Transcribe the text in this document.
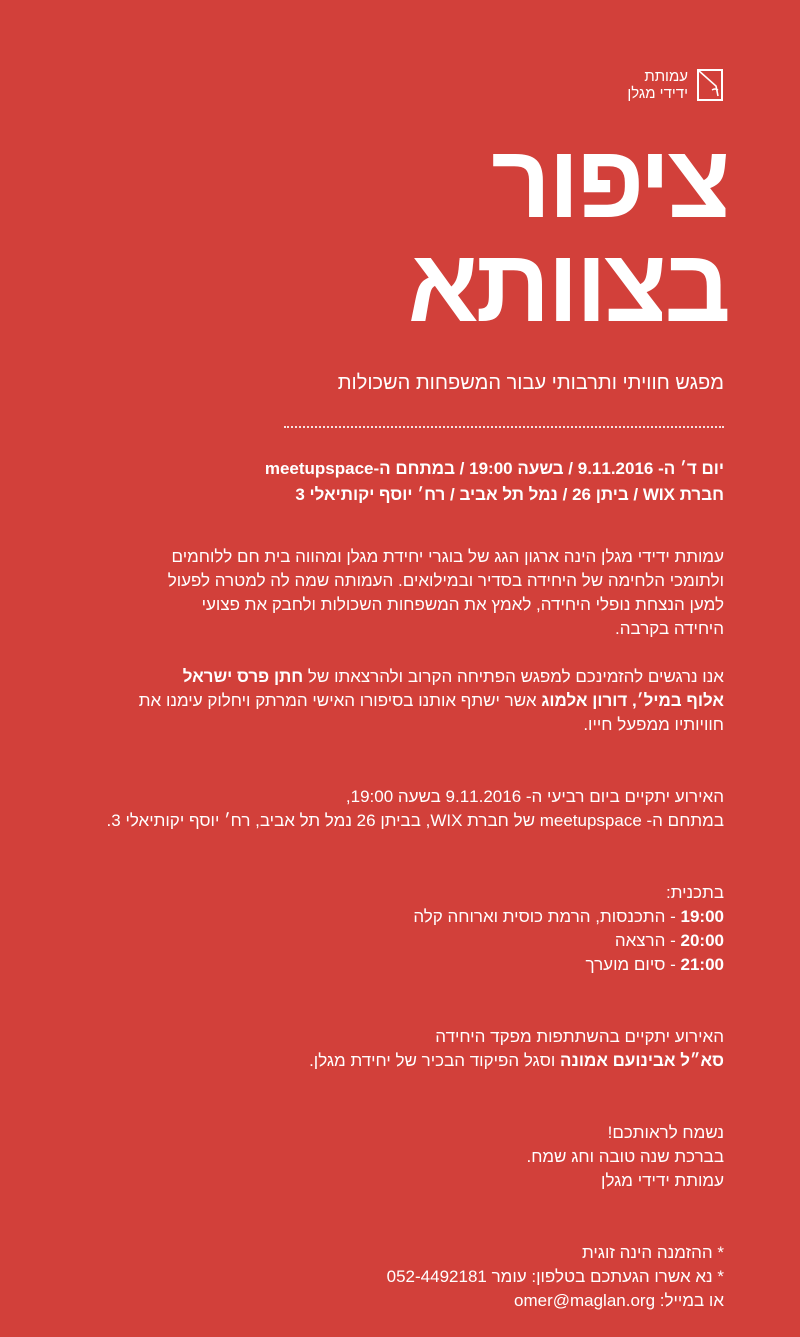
עמותת
ידידי מגלן
ציפור
בצוותא
מפגש חוויתי ותרבותי עבור המשפחות השכולות
יום ד׳ ה- 9.11.2016 / בשעה 19:00 / במתחם ה-meetupspace
חברת WIX / ביתן 26 / נמל תל אביב / רח׳ יוסף יקותיאלי 3

עמותת ידידי מגלן הינה ארגון הגג של בוגרי יחידת מגלן ומהווה בית חם ללוחמים
ולתומכי הלחימה של היחידה בסדיר ובמילואים. העמותה שמה לה למטרה לפעול
למען הנצחת נופלי היחידה, לאמץ את המשפחות השכולות ולחבק את פצועי
היחידה בקרבה.

אנו נרגשים להזמינכם למפגש הפתיחה הקרוב ולהרצאתו של חתן פרס ישראל
אלוף במיל׳, דורון אלמוג אשר ישתף אותנו בסיפורו האישי המרתק ויחלוק עימנו את
חוויותיו ממפעל חייו.

האירוע יתקיים ביום רביעי ה- 9.11.2016 בשעה 19:00,
במתחם ה- meetupspace של חברת WIX, בביתן 26 נמל תל אביב, רח׳ יוסף יקותיאלי 3.

בתכנית:
19:00 - התכנסות, הרמת כוסית וארוחה קלה
20:00 - הרצאה
21:00 - סיום מוערך

האירוע יתקיים בהשתתפות מפקד היחידה
סא״ל אבינועם אמונה וסגל הפיקוד הבכיר של יחידת מגלן.

נשמח לראותכם!
בברכת שנה טובה וחג שמח.
עמותת ידידי מגלן

* ההזמנה הינה זוגית
* נא אשרו הגעתכם בטלפון: עומר 052-4492181
או במייל: omer@maglan.org
